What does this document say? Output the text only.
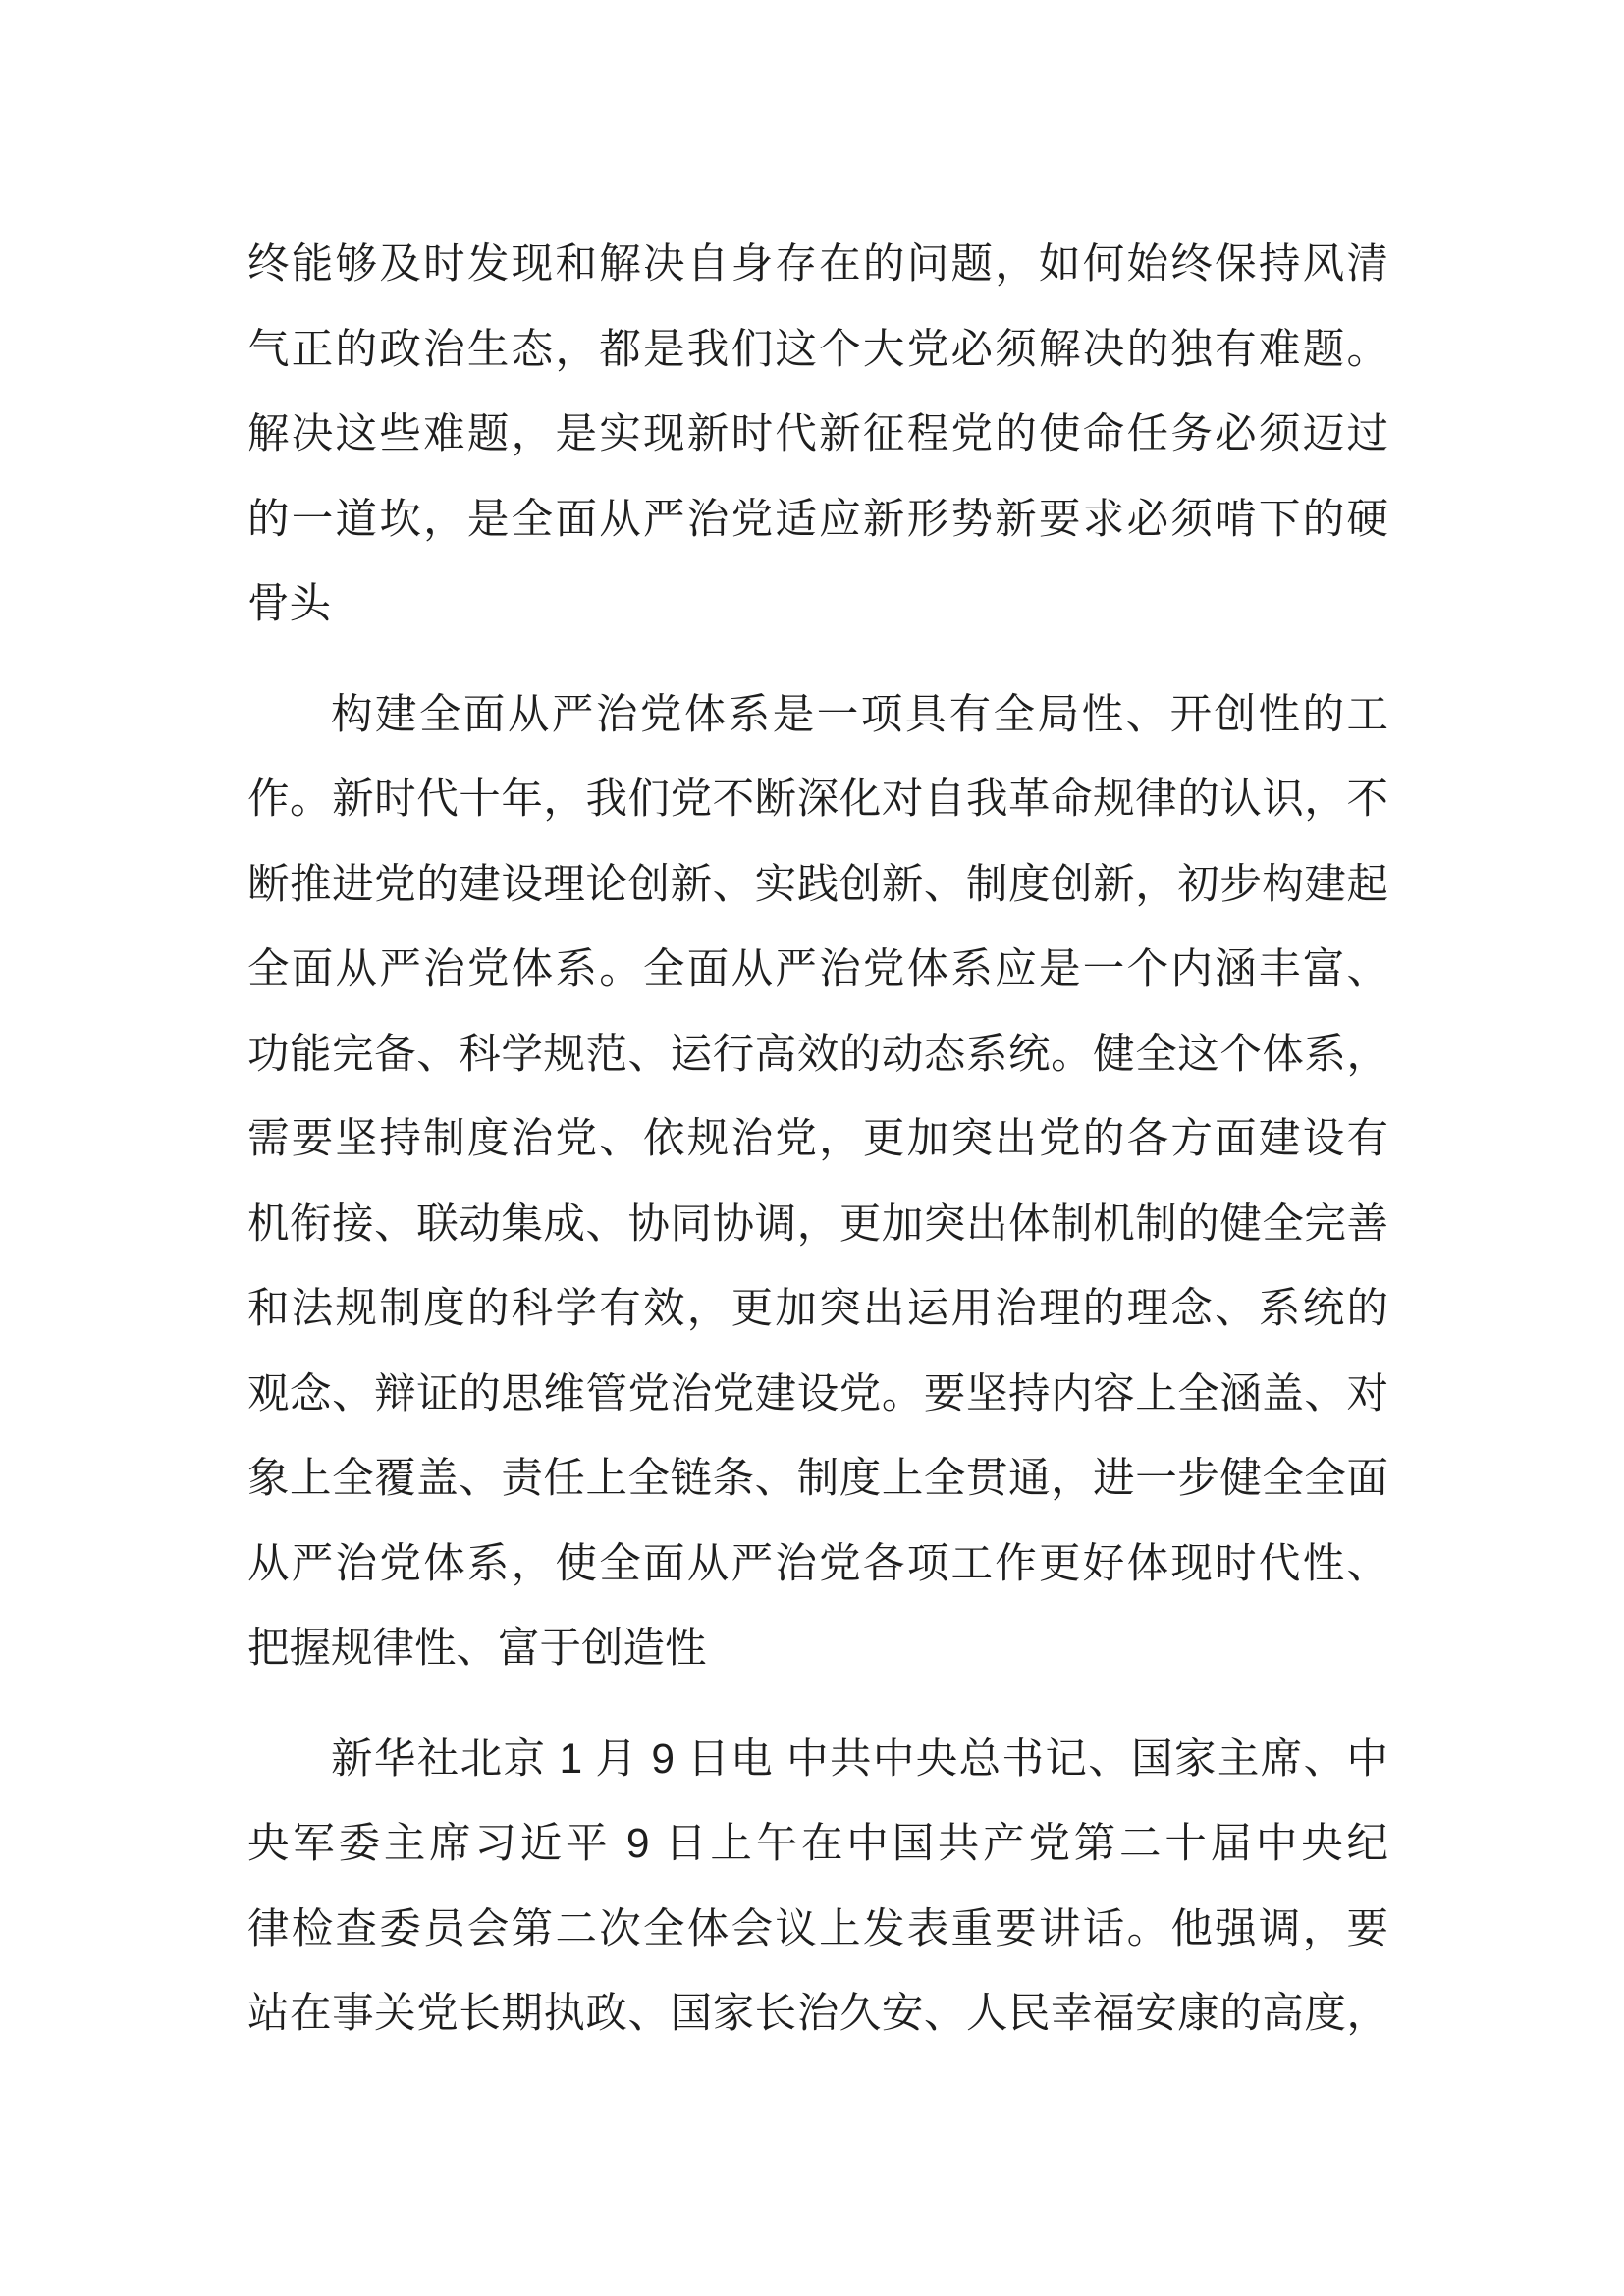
终能够及时发现和解决自身存在的问题，如何始终保持风清
气正的政治生态，都是我们这个大党必须解决的独有难题。
解决这些难题，是实现新时代新征程党的使命任务必须迈过
的一道坎，是全面从严治党适应新形势新要求必须啃下的硬
骨头
构建全面从严治党体系是一项具有全局性、开创性的工
作。新时代十年，我们党不断深化对自我革命规律的认识，不
断推进党的建设理论创新、实践创新、制度创新，初步构建起
全面从严治党体系。全面从严治党体系应是一个内涵丰富、
功能完备、科学规范、运行高效的动态系统。健全这个体系，
需要坚持制度治党、依规治党，更加突出党的各方面建设有
机衔接、联动集成、协同协调，更加突出体制机制的健全完善
和法规制度的科学有效，更加突出运用治理的理念、系统的
观念、辩证的思维管党治党建设党。要坚持内容上全涵盖、对
象上全覆盖、责任上全链条、制度上全贯通，进一步健全全面
从严治党体系，使全面从严治党各项工作更好体现时代性、
把握规律性、富于创造性
新华社北京 1 月 9 日电 中共中央总书记、国家主席、中
央军委主席习近平 9 日上午在中国共产党第二十届中央纪
律检查委员会第二次全体会议上发表重要讲话。他强调，要
站在事关党长期执政、国家长治久安、人民幸福安康的高度，
